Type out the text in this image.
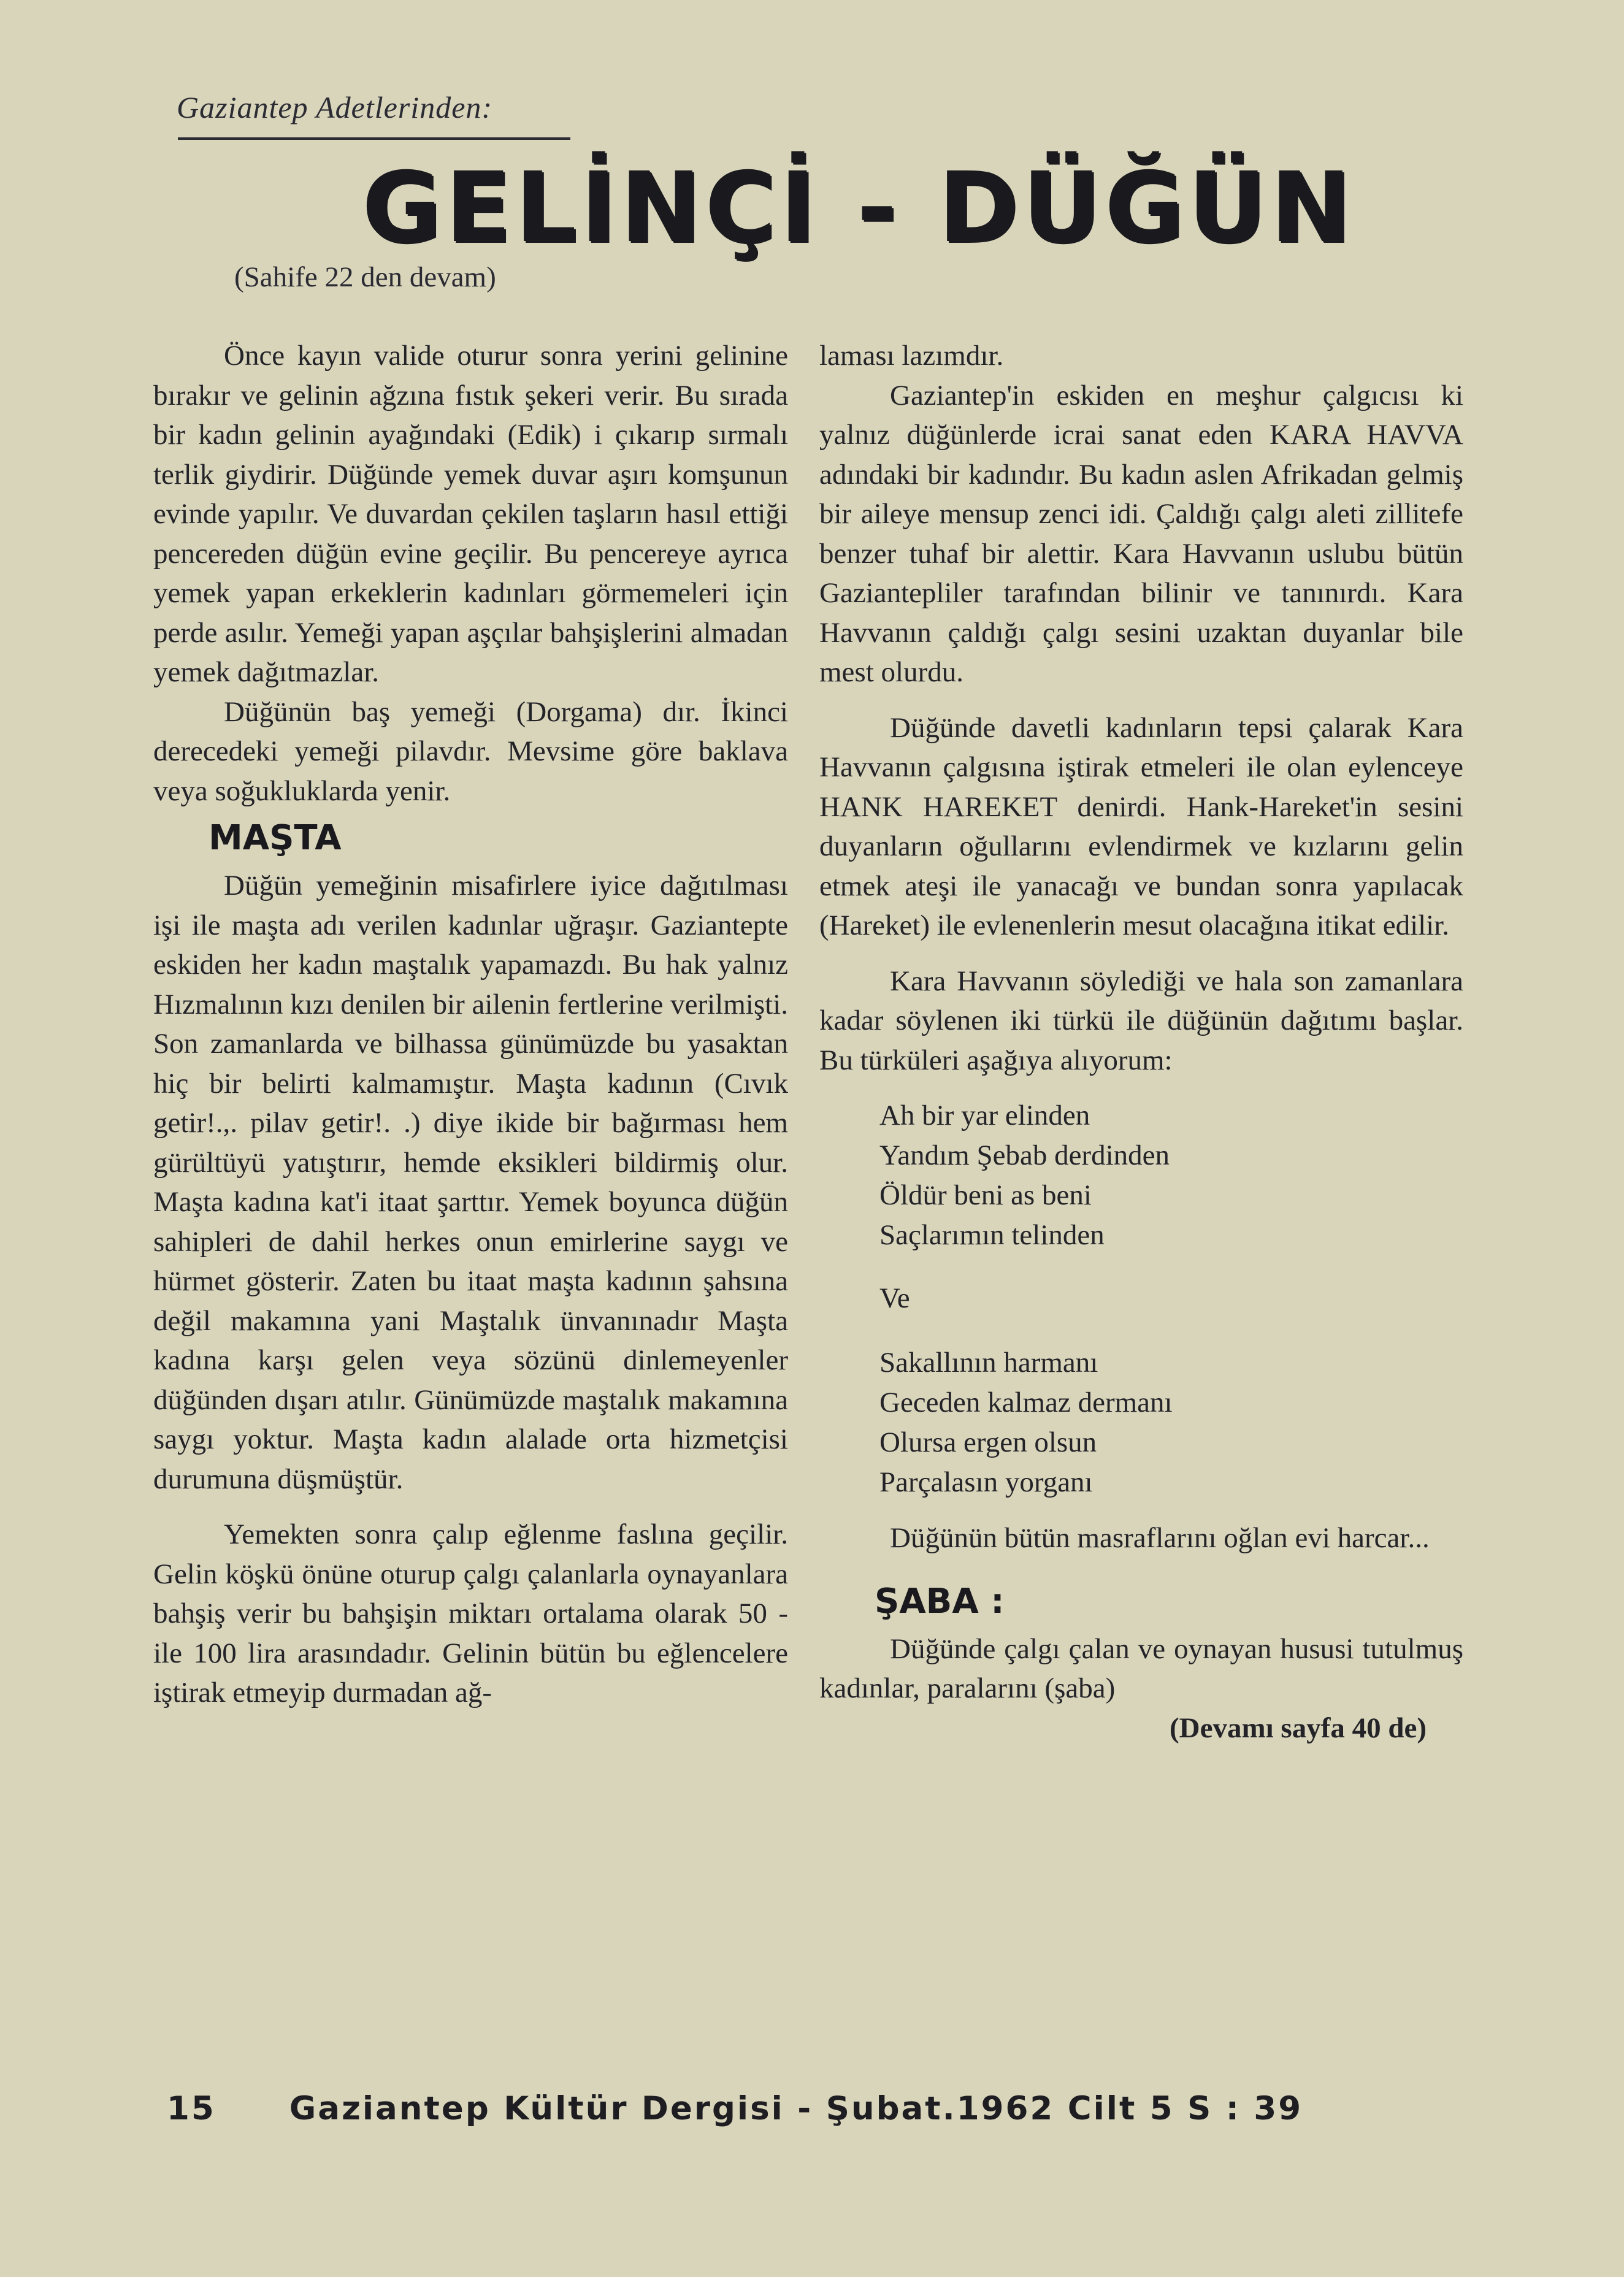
Gaziantep Adetlerinden:
GELİNÇİ - DÜĞÜN
(Sahife 22 den devam)

Önce kayın valide oturur sonra yerini gelinine bırakır ve gelinin ağzına fıstık şekeri verir. Bu sırada bir kadın gelinin ayağındaki (Edik) i çıkarıp sırmalı terlik giydirir. Düğünde yemek duvar aşırı komşunun evinde yapılır. Ve duvardan çekilen taşların hasıl ettiği pencereden düğün evine geçilir. Bu pencereye ayrıca yemek yapan erkeklerin kadınları görmemeleri için perde asılır. Yemeği yapan aşçılar bahşişlerini almadan yemek dağıtmazlar.

Düğünün baş yemeği (Dorgama) dır. İkinci derecedeki yemeği pilavdır. Mevsime göre baklava veya soğukluklarda yenir.

MAŞTA

Düğün yemeğinin misafirlere iyice dağıtılması işi ile maşta adı verilen kadınlar uğraşır. Gaziantepte eskiden her kadın maştalık yapamazdı. Bu hak yalnız Hızmalının kızı denilen bir ailenin fertlerine verilmişti. Son zamanlarda ve bilhassa günümüzde bu yasaktan hiç bir belirti kalmamıştır. Maşta kadının (Cıvık getir!.,. pilav getir!. .) diye ikide bir bağırması hem gürültüyü yatıştırır, hemde eksikleri bildirmiş olur. Maşta kadına kat'i itaat şarttır. Yemek boyunca düğün sahipleri de dahil herkes onun emirlerine saygı ve hürmet gösterir. Zaten bu itaat maşta kadının şahsına değil makamına yani Maştalık ünvanınadır Maşta kadına karşı gelen veya sözünü dinlemeyenler düğünden dışarı atılır. Günümüzde maştalık makamına saygı yoktur. Maşta kadın alalade orta hizmetçisi durumuna düşmüştür.

Yemekten sonra çalıp eğlenme faslına geçilir. Gelin köşkü önüne oturup çalgı çalanlarla oynayanlara bahşiş verir bu bahşişin miktarı ortalama olarak 50 - ile 100 lira arasındadır. Gelinin bütün bu eğlencelere iştirak etmeyip durmadan ağ-

laması lazımdır.

Gaziantep'in eskiden en meşhur çalgıcısı ki yalnız düğünlerde icrai sanat eden KARA HAVVA adındaki bir kadındır. Bu kadın aslen Afrikadan gelmiş bir aileye mensup zenci idi. Çaldığı çalgı aleti zillitefe benzer tuhaf bir alettir. Kara Havvanın uslubu bütün Gaziantepliler tarafından bilinir ve tanınırdı. Kara Havvanın çaldığı çalgı sesini uzaktan duyanlar bile mest olurdu.

Düğünde davetli kadınların tepsi çalarak Kara Havvanın çalgısına iştirak etmeleri ile olan eylenceye HANK HAREKET denirdi. Hank-Hareket'in sesini duyanların oğullarını evlendirmek ve kızlarını gelin etmek ateşi ile yanacağı ve bundan sonra yapılacak (Hareket) ile evlenenlerin mesut olacağına itikat edilir.

Kara Havvanın söylediği ve hala son zamanlara kadar söylenen iki türkü ile düğünün dağıtımı başlar. Bu türküleri aşağıya alıyorum:

Ah bir yar elinden

Yandım Şebab derdinden

Öldür beni as beni

Saçlarımın telinden

Ve

Sakallının harmanı

Geceden kalmaz dermanı

Olursa ergen olsun

Parçalasın yorganı

Düğünün bütün masraflarını oğlan evi harcar...

ŞABA :

Düğünde çalgı çalan ve oynayan hususi tutulmuş kadınlar, paralarını (şaba)

(Devamı sayfa 40 de)

15 Gaziantep Kültür Dergisi - Şubat.1962 Cilt 5 S : 39
